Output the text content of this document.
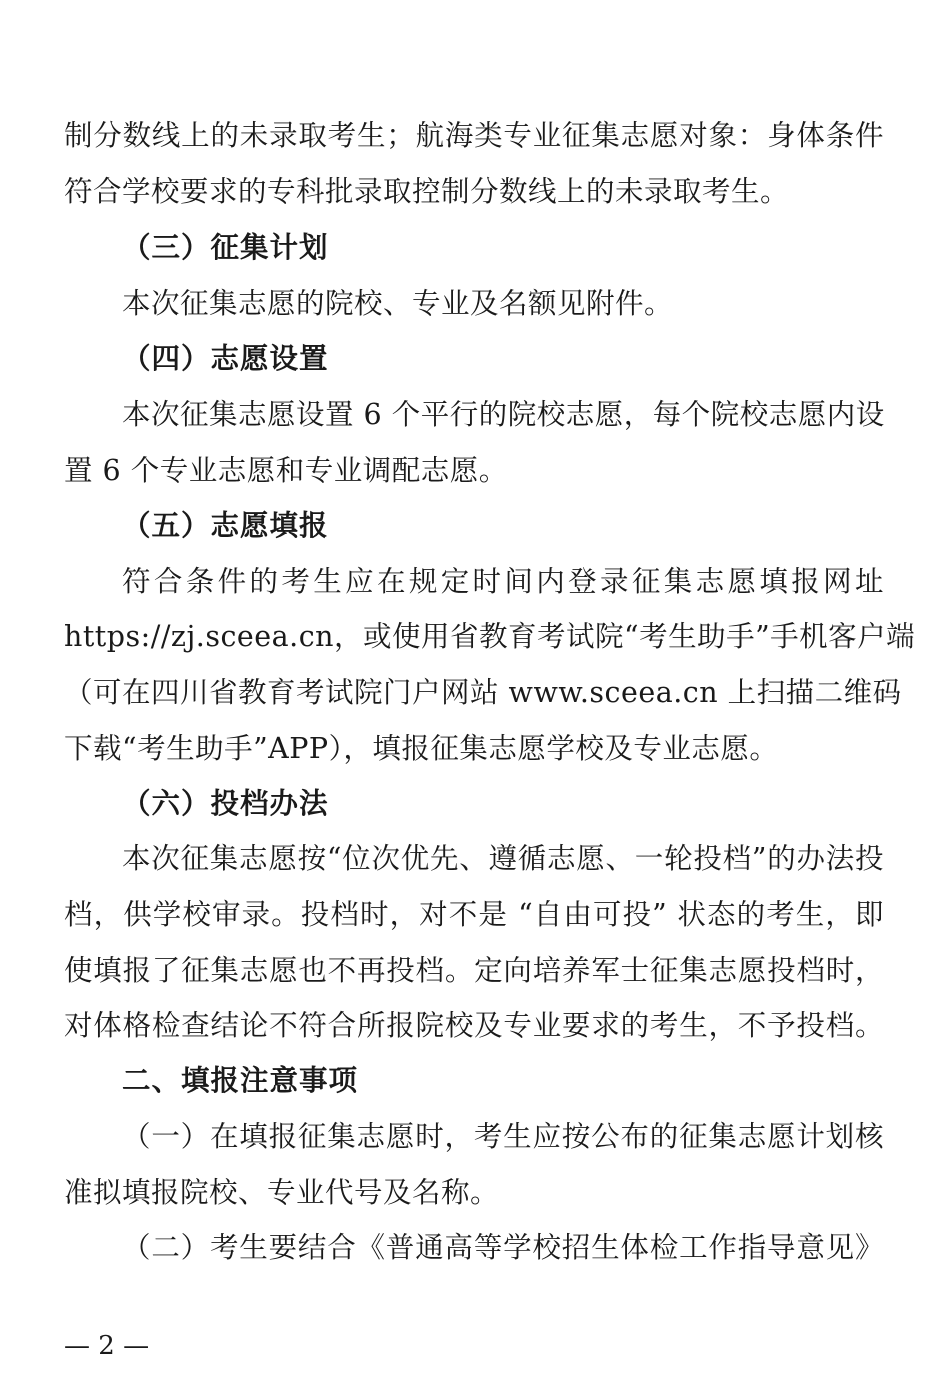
制分数线上的未录取考生；航海类专业征集志愿对象：身体条件
符合学校要求的专科批录取控制分数线上的未录取考生。
（三）征集计划
本次征集志愿的院校、专业及名额见附件。
（四）志愿设置
本次征集志愿设置 6 个平行的院校志愿，每个院校志愿内设
置 6 个专业志愿和专业调配志愿。
（五）志愿填报
符合条件的考生应在规定时间内登录征集志愿填报网址
https://zj.sceea.cn，或使用省教育考试院“考生助手”手机客户端
（可在四川省教育考试院门户网站 www.sceea.cn 上扫描二维码
下载“考生助手”APP），填报征集志愿学校及专业志愿。
（六）投档办法
本次征集志愿按“位次优先、遵循志愿、一轮投档”的办法投
档，供学校审录。投档时，对不是 “自由可投” 状态的考生，即
使填报了征集志愿也不再投档。定向培养军士征集志愿投档时，
对体格检查结论不符合所报院校及专业要求的考生，不予投档。
二、填报注意事项
（一）在填报征集志愿时，考生应按公布的征集志愿计划核
准拟填报院校、专业代号及名称。
（二）考生要结合《普通高等学校招生体检工作指导意见》
— 2 —
